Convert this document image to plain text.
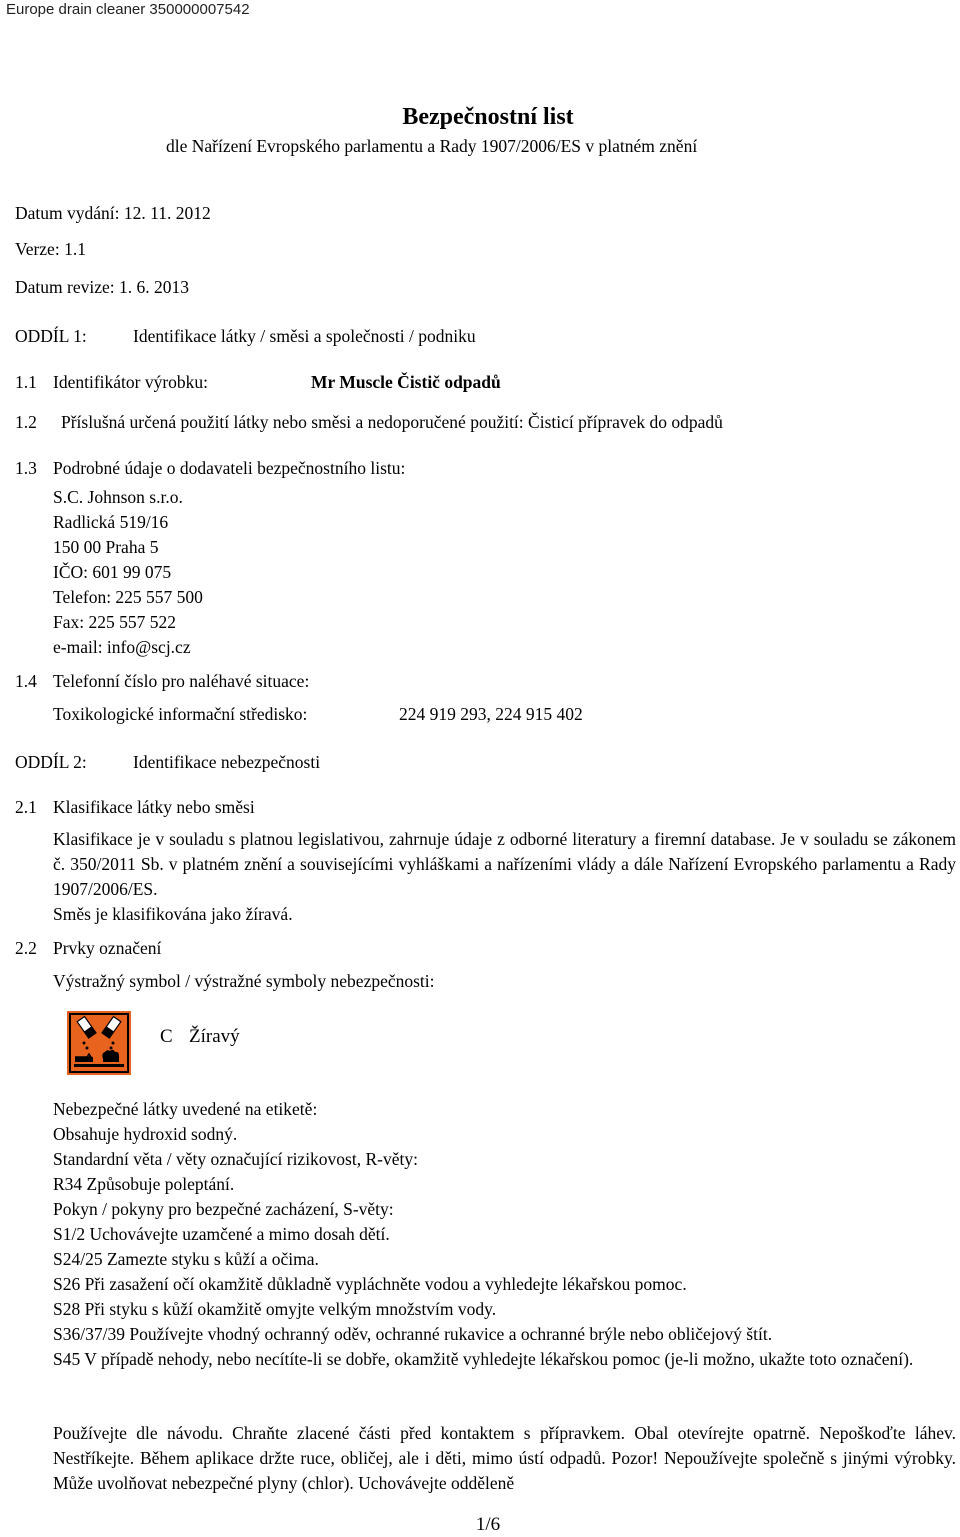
Europe drain cleaner 350000007542
Bezpečnostní list
dle Nařízení Evropského parlamentu a Rady 1907/2006/ES v platném znění
Datum vydání: 12. 11. 2012
Verze: 1.1
Datum revize: 1. 6. 2013
ODDÍL 1:	Identifikace látky / směsi a společnosti / podniku
1.1 Identifikátor výrobku:	Mr Muscle Čistič odpadů
1.2 Příslušná určená použití látky nebo směsi a nedoporučené použití: Čisticí přípravek do odpadů
1.3 Podrobné údaje o dodavateli bezpečnostního listu:
S.C. Johnson s.r.o.
Radlická 519/16
150 00 Praha 5
IČO: 601 99 075
Telefon: 225 557 500
Fax: 225 557 522
e-mail: info@scj.cz
1.4 Telefonní číslo pro naléhavé situace:
Toxikologické informační středisko:	224 919 293, 224 915 402
ODDÍL 2:	Identifikace nebezpečnosti
2.1 Klasifikace látky nebo směsi
Klasifikace je v souladu s platnou legislativou, zahrnuje údaje z odborné literatury a firemní database. Je v souladu se zákonem č. 350/2011 Sb. v platném znění a souvisejícími vyhláškami a nařízeními vlády a dále Nařízení Evropského parlamentu a Rady 1907/2006/ES.
Směs je klasifikována jako žíravá.
2.2 Prvky označení
Výstražný symbol / výstražné symboly nebezpečnosti:
C Žíravý
Nebezpečné látky uvedené na etiketě:
Obsahuje hydroxid sodný.
Standardní věta / věty označující rizikovost, R-věty:
R34 Způsobuje poleptání.
Pokyn / pokyny pro bezpečné zacházení, S-věty:
S1/2 Uchovávejte uzamčené a mimo dosah dětí.
S24/25 Zamezte styku s kůží a očima.
S26 Při zasažení očí okamžitě důkladně vypláchněte vodou a vyhledejte lékařskou pomoc.
S28 Při styku s kůží okamžitě omyjte velkým množstvím vody.
S36/37/39 Používejte vhodný ochranný oděv, ochranné rukavice a ochranné brýle nebo obličejový štít.
S45 V případě nehody, nebo necítíte-li se dobře, okamžitě vyhledejte lékařskou pomoc (je-li možno, ukažte toto označení).
Používejte dle návodu. Chraňte zlacené části před kontaktem s přípravkem. Obal otevírejte opatrně. Nepoškoďte láhev. Nestříkejte. Během aplikace držte ruce, obličej, ale i děti, mimo ústí odpadů. Pozor! Nepoužívejte společně s jinými výrobky. Může uvolňovat nebezpečné plyny (chlor). Uchovávejte odděleně
1/6
